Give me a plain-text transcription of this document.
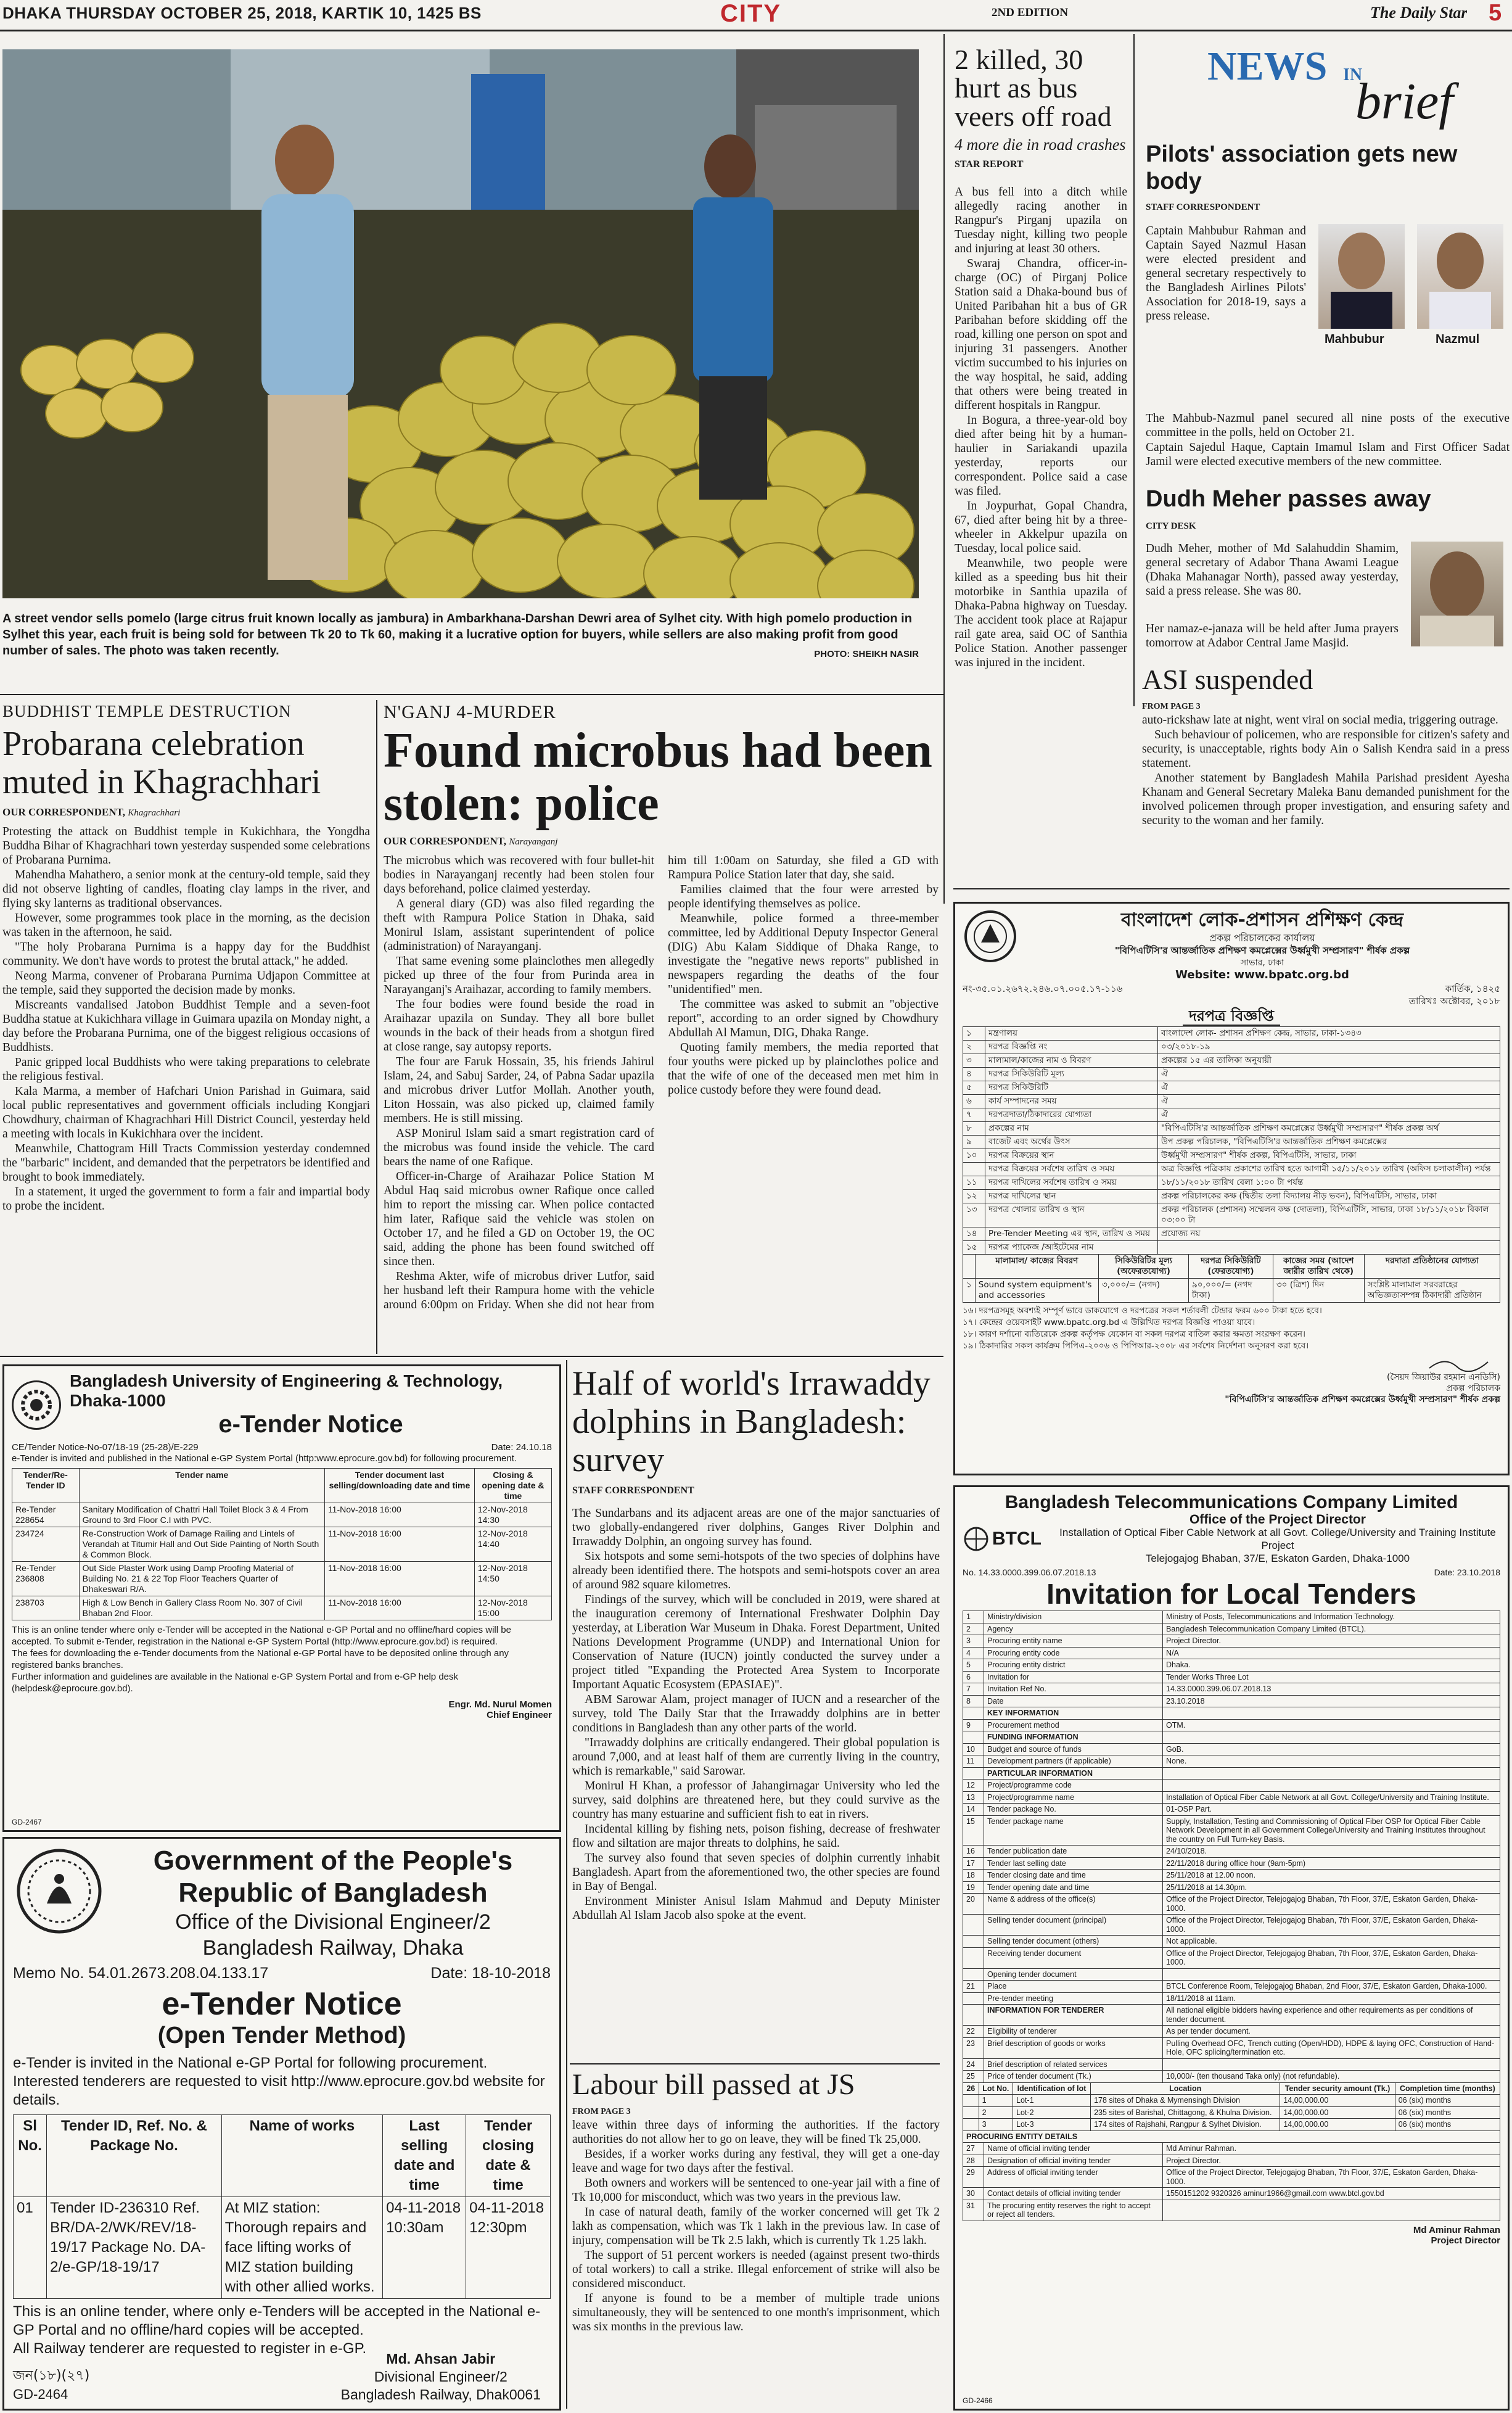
DHAKA THURSDAY OCTOBER 25, 2018, KARTIK 10, 1425 BS	CITY	2ND EDITION	The Daily Star 5
A street vendor sells pomelo (large citrus fruit known locally as jambura) in Ambarkhana-Darshan Dewri area of Sylhet city. With high pomelo production in Sylhet this year, each fruit is being sold for between Tk 20 to Tk 60, making it a lucrative option for buyers, while sellers are also making profit from good number of sales. The photo was taken recently.	PHOTO: SHEIKH NASIR
2 killed, 30 hurt as bus veers off road
4 more die in road crashes
STAR REPORT
A bus fell into a ditch while allegedly racing another in Rangpur's Pirganj upazila on Tuesday night, killing two people and injuring at least 30 others.
Swaraj Chandra, officer-in-charge (OC) of Pirganj Police Station said a Dhaka-bound bus of United Paribahan hit a bus of GR Paribahan before skidding off the road, killing one person on spot and injuring 31 passengers. Another victim succumbed to his injuries on the way hospital, he said, adding that others were being treated in different hospitals in Rangpur.
In Bogura, a three-year-old boy died after being hit by a human-haulier in Sariakandi upazila yesterday, reports our correspondent. Police said a case was filed.
In Joypurhat, Gopal Chandra, 67, died after being hit by a three-wheeler in Akkelpur upazila on Tuesday, local police said.
Meanwhile, two people were killed as a speeding bus hit their motorbike in Santhia upazila of Dhaka-Pabna highway on Tuesday. The accident took place at Rajapur rail gate area, said OC of Santhia Police Station. Another passenger was injured in the incident.
NEWS IN
brief
Pilots' association gets new body
STAFF CORRESPONDENT
Captain Mahbubur Rahman and Captain Sayed Nazmul Hasan were elected president and general secretary respectively to the Bangladesh Airlines Pilots' Association for 2018-19, says a press release.
Mahbubur	Nazmul
The Mahbub-Nazmul panel secured all nine posts of the executive committee in the polls, held on October 21.
Captain Sajedul Haque, Captain Imamul Islam and First Officer Sadat Jamil were elected executive members of the new committee.
Dudh Meher passes away
CITY DESK
Dudh Meher, mother of Md Salahuddin Shamim, general secretary of Adabor Thana Awami League (Dhaka Mahanagar North), passed away yesterday, said a press release. She was 80.
Her namaz-e-janaza will be held after Juma prayers tomorrow at Adabor Central Jame Masjid.
ASI suspended
FROM PAGE 3
auto-rickshaw late at night, went viral on social media, triggering outrage.
Such behaviour of policemen, who are responsible for citizen's safety and security, is unacceptable, rights body Ain o Salish Kendra said in a press statement.
Another statement by Bangladesh Mahila Parishad president Ayesha Khanam and General Secretary Maleka Banu demanded punishment for the involved policemen through proper investigation, and ensuring safety and security to the woman and her family.
BUDDHIST TEMPLE DESTRUCTION
Probarana celebration muted in Khagrachhari
OUR CORRESPONDENT, Khagrachhari
Protesting the attack on Buddhist temple in Kukichhara, the Yongdha Buddha Bihar of Khagrachhari town yesterday suspended some celebrations of Probarana Purnima.
Mahendha Mahathero, a senior monk at the century-old temple, said they did not observe lighting of candles, floating clay lamps in the river, and flying sky lanterns as traditional observances.
However, some programmes took place in the morning, as the decision was taken in the afternoon, he said.
"The holy Probarana Purnima is a happy day for the Buddhist community. We don't have words to protest the brutal attack," he added.
Neong Marma, convener of Probarana Purnima Udjapon Committee at the temple, said they supported the decision made by monks.
Miscreants vandalised Jatobon Buddhist Temple and a seven-foot Buddha statue at Kukichhara village in Guimara upazila on Monday night, a day before the Probarana Purnima, one of the biggest religious occasions of Buddhists.
Panic gripped local Buddhists who were taking preparations to celebrate the religious festival.
Kala Marma, a member of Hafchari Union Parishad in Guimara, said local public representatives and government officials including Kongjari Chowdhury, chairman of Khagrachhari Hill District Council, yesterday held a meeting with locals in Kukichhara over the incident.
Meanwhile, Chattogram Hill Tracts Commission yesterday condemned the "barbaric" incident, and demanded that the perpetrators be identified and brought to book immediately.
In a statement, it urged the government to form a fair and impartial body to probe the incident.
N'GANJ 4-MURDER
Found microbus had been stolen: police
OUR CORRESPONDENT, Narayanganj
The microbus which was recovered with four bullet-hit bodies in Narayanganj recently had been stolen four days beforehand, police claimed yesterday.
A general diary (GD) was also filed regarding the theft with Rampura Police Station in Dhaka, said Monirul Islam, assistant superintendent of police (administration) of Narayanganj.
That same evening some plainclothes men allegedly picked up three of the four from Purinda area in Narayanganj's Araihazar, according to family members.
The four bodies were found beside the road in Araihazar upazila on Sunday. They all bore bullet wounds in the back of their heads from a shotgun fired at close range, say autopsy reports.
The four are Faruk Hossain, 35, his friends Jahirul Islam, 24, and Sabuj Sarder, 24, of Pabna Sadar upazila and microbus driver Lutfor Mollah. Another youth, Liton Hossain, was also picked up, claimed family members. He is still missing.
ASP Monirul Islam said a smart registration card of the microbus was found inside the vehicle. The card bears the name of one Rafique.
Officer-in-Charge of Araihazar Police Station M Abdul Haq said microbus owner Rafique once called him to report the missing car. When police contacted him later, Rafique said the vehicle was stolen on October 17, and he filed a GD on October 19, the OC said, adding the phone has been found switched off since then.
Reshma Akter, wife of microbus driver Lutfor, said her husband left their Rampura home with the vehicle around 6:00pm on Friday. When she did not hear from him till 1:00am on Saturday, she filed a GD with Rampura Police Station later that day, she said.
Families claimed that the four were arrested by people identifying themselves as police.
Meanwhile, police formed a three-member committee, led by Additional Deputy Inspector General (DIG) Abu Kalam Siddique of Dhaka Range, to investigate the "negative news reports" published in newspapers regarding the deaths of the four "unidentified" men.
The committee was asked to submit an "objective report", according to an order signed by Chowdhury Abdullah Al Mamun, DIG, Dhaka Range.
Quoting family members, the media reported that four youths were picked up by plainclothes police and that the wife of one of the deceased men met him in police custody before they were found dead.
Bangladesh University of Engineering & Technology, Dhaka-1000
e-Tender Notice
CE/Tender Notice-No-07/18-19 (25-28)/E-229	Date: 24.10.18
e-Tender is invited and published in the National e-GP System Portal (http:www.eprocure.gov.bd) for following procurement.
Tender/Re-Tender ID	Tender name	Tender document last selling/downloading date and time	Closing & opening date & time
Re-Tender 228654	Sanitary Modification of Chattri Hall Toilet Block 3 & 4 From Ground to 3rd Floor C.I with PVC.	11-Nov-2018 16:00	12-Nov-2018 14:30
234724	Re-Construction Work of Damage Railing and Lintels of Verandah at Titumir Hall and Out Side Painting of North South & Common Block.	11-Nov-2018 16:00	12-Nov-2018 14:40
Re-Tender 236808	Out Side Plaster Work using Damp Proofing Material of Building No. 21 & 22 Top Floor Teachers Quarter of Dhakeswari R/A.	11-Nov-2018 16:00	12-Nov-2018 14:50
238703	High & Low Bench in Gallery Class Room No. 307 of Civil Bhaban 2nd Floor.	11-Nov-2018 16:00	12-Nov-2018 15:00
This is an online tender where only e-Tender will be accepted in the National e-GP Portal and no offline/hard copies will be accepted. To submit e-Tender, registration in the National e-GP System Portal (http://www.eprocure.gov.bd) is required.
The fees for downloading the e-Tender documents from the National e-GP Portal have to be deposited online through any registered banks branches.
Further information and guidelines are available in the National e-GP System Portal and from e-GP help desk (helpdesk@eprocure.gov.bd).
Engr. Md. Nurul Momen
Chief Engineer
GD-2467
Government of the People's
Republic of Bangladesh
Office of the Divisional Engineer/2
Bangladesh Railway, Dhaka
Memo No. 54.01.2673.208.04.133.17	Date: 18-10-2018
e-Tender Notice
(Open Tender Method)
e-Tender is invited in the National e-GP Portal for following procurement. Interested tenderers are requested to visit http://www.eprocure.gov.bd website for details.
Sl No.	Tender ID, Ref. No. & Package No.	Name of works	Last selling date and time	Tender closing date & time
01	Tender ID-236310 Ref. BR/DA-2/WK/REV/18-19/17 Package No. DA-2/e-GP/18-19/17	At MIZ station: Thorough repairs and face lifting works of MIZ station building with other allied works.	04-11-2018 10:30am	04-11-2018 12:30pm
This is an online tender, where only e-Tenders will be accepted in the National e-GP Portal and no offline/hard copies will be accepted.
All Railway tenderer are requested to register in e-GP.
Md. Ahsan Jabir
Divisional Engineer/2
Bangladesh Railway, Dhak0061
জন(১৮)(২৭)
GD-2464
Half of world's Irrawaddy dolphins in Bangladesh: survey
STAFF CORRESPONDENT
The Sundarbans and its adjacent areas are one of the major sanctuaries of two globally-endangered river dolphins, Ganges River Dolphin and Irrawaddy Dolphin, an ongoing survey has found.
Six hotspots and some semi-hotspots of the two species of dolphins have already been identified there. The hotspots and semi-hotspots cover an area of around 982 square kilometres.
Findings of the survey, which will be concluded in 2019, were shared at the inauguration ceremony of International Freshwater Dolphin Day yesterday, at Liberation War Museum in Dhaka. Forest Department, United Nations Development Programme (UNDP) and International Union for Conservation of Nature (IUCN) jointly conducted the survey under a project titled "Expanding the Protected Area System to Incorporate Important Aquatic Ecosystem (EPASIAE)".
ABM Sarowar Alam, project manager of IUCN and a researcher of the survey, told The Daily Star that the Irrawaddy dolphins are in better conditions in Bangladesh than any other parts of the world.
"Irrawaddy dolphins are critically endangered. Their global population is around 7,000, and at least half of them are currently living in the country, which is remarkable," said Sarowar.
Monirul H Khan, a professor of Jahangirnagar University who led the survey, said dolphins are threatened here, but they could survive as the country has many estuarine and sufficient fish to eat in rivers.
Incidental killing by fishing nets, poison fishing, decrease of freshwater flow and siltation are major threats to dolphins, he said.
The survey also found that seven species of dolphin currently inhabit Bangladesh. Apart from the aforementioned two, the other species are found in Bay of Bengal.
Environment Minister Anisul Islam Mahmud and Deputy Minister Abdullah Al Islam Jacob also spoke at the event.
Labour bill passed at JS
FROM PAGE 3
leave within three days of informing the authorities. If the factory authorities do not allow her to go on leave, they will be fined Tk 25,000.
Besides, if a worker works during any festival, they will get a one-day leave and wage for two days after the festival.
Both owners and workers will be sentenced to one-year jail with a fine of Tk 10,000 for misconduct, which was two years in the previous law.
In case of natural death, family of the worker concerned will get Tk 2 lakh as compensation, which was Tk 1 lakh in the previous law. In case of injury, compensation will be Tk 2.5 lakh, which is currently Tk 1.25 lakh.
The support of 51 percent workers is needed (against present two-thirds of total workers) to call a strike. Illegal enforcement of strike will also be considered misconduct.
If anyone is found to be a member of multiple trade unions simultaneously, they will be sentenced to one month's imprisonment, which was six months in the previous law.
বাংলাদেশ লোক-প্রশাসন প্রশিক্ষণ কেন্দ্র
প্রকল্প পরিচালকের কার্যালয়
"বিপিএটিসি'র আন্তর্জাতিক প্রশিক্ষণ কমপ্লেক্সের উর্ধ্বমুখী সম্প্রসারণ" শীর্ষক প্রকল্প
সাভার, ঢাকা
Website: www.bpatc.org.bd
নং-৩৫.০১.২৬৭২.২৪৬.০৭.০০৫.১৭-১১৬	কার্তিক, ১৪২৫
তারিখঃ অক্টোবর, ২০১৮
দরপত্র বিজ্ঞপ্তি
১	মন্ত্রণালয়	বাংলাদেশ লোক- প্রশাসন প্রশিক্ষণ কেন্দ্র, সাভার, ঢাকা-১৩৪৩
২	দরপত্র বিজ্ঞপ্তি নং	০৩/২০১৮-১৯
৩	মালামাল/কাজের নাম ও বিবরণ	প্রকল্পের ১৫ এর তালিকা অনুযায়ী
৪	দরপত্র সিকিউরিটি মূল্য	ঐ
৫	দরপত্র সিকিউরিটি	ঐ
৬	কার্য সম্পাদনের সময়	ঐ
৭	দরপত্রদাতা/ঠিকাদারের যোগ্যতা	ঐ
৮	প্রকল্পের নাম	"বিপিএটিসি'র আন্তর্জাতিক প্রশিক্ষণ কমপ্লেক্সের উর্ধ্বমুখী সম্প্রসারণ" শীর্ষক প্রকল্প অর্থ
৯	বাজেট এবং অর্থের উৎস	উপ প্রকল্প পরিচালক, "বিপিএটিসি'র আন্তর্জাতিক প্রশিক্ষণ কমপ্লেক্সের
১০	দরপত্র বিক্রয়ের স্থান	উর্ধ্বমুখী সম্প্রসারণ" শীর্ষক প্রকল্প, বিপিএটিসি, সাভার, ঢাকা
	দরপত্র বিক্রয়ের সর্বশেষ তারিখ ও সময়	অত্র বিজ্ঞপ্তি পত্রিকায় প্রকাশের তারিখ হতে আগামী ১৫/১১/২০১৮ তারিখ (অফিস চলাকালীন) পর্যন্ত
১১	দরপত্র দাখিলের সর্বশেষ তারিখ ও সময়	১৮/১১/২০১৮ তারিখ বেলা ১:০০ টা পর্যন্ত
১২	দরপত্র দাখিলের স্থান	প্রকল্প পরিচালকের কক্ষ (দ্বিতীয় তলা বিদ্যালয় নীড় ভবন), বিপিএটিসি, সাভার, ঢাকা
১৩	দরপত্র খোলার তারিখ ও স্থান	প্রকল্প পরিচালক (প্রশাসন) সম্মেলন কক্ষ (দোতলা), বিপিএটিসি, সাভার, ঢাকা ১৮/১১/২০১৮ বিকাল ০৩:০০ টা
১৪	Pre-Tender Meeting এর স্থান, তারিখ ও সময়	প্রযোজ্য নয়
১৫	দরপত্র প্যাকেজ /আইটেমের নাম	
	মালামাল/ কাজের বিবরণ	সিকিউরিটির মূল্য (অফেরতযোগ্য)	দরপত্র সিকিউরিটি (ফেরতযোগ্য)	কাজের সময় (আদেশ জারীর তারিখ থেকে)	দরদাতা প্রতিষ্ঠানের যোগ্যতা
১	Sound system equipment's and accessories	৩,০০০/= (নগদ)	৯০,০০০/= (নগদ টাকা)	৩০ (ত্রিশ) দিন	সংশ্লিষ্ট মালামাল সরবরাহের অভিজ্ঞতাসম্পন্ন ঠিকাদারী প্রতিষ্ঠান
১৬। দরপত্রসমূহ অবশ্যই সম্পূর্ণ ভাবে ডাকযোগে ও দরপত্রের সকল শর্তাবলী টেন্ডার ফরম ৬০০ টাকা হতে হবে।
১৭। কেন্দ্রের ওয়েবসাইট www.bpatc.org.bd এ উল্লিখিত দরপত্র বিজ্ঞপ্তি পাওয়া যাবে।
১৮। কারণ দর্শানো ব্যতিরেকে প্রকল্প কর্তৃপক্ষ যেকোন বা সকল দরপত্র বাতিল করার ক্ষমতা সংরক্ষণ করেন।
১৯। ঠিকাদারির সকল কার্যক্রম পিপিএ-২০০৬ ও পিপিআর-২০০৮ এর সর্বশেষ নির্দেশনা অনুসরণ করা হবে।
(সৈয়দ জিয়াউর রহমান এনডিসি)
প্রকল্প পরিচালক
"বিপিএটিসি'র আন্তর্জাতিক প্রশিক্ষণ কমপ্লেক্সের উর্ধ্বমুখী সম্প্রসারণ" শীর্ষক প্রকল্প
Bangladesh Telecommunications Company Limited
BTCL
Office of the Project Director
Installation of Optical Fiber Cable Network at all Govt. College/University and Training Institute Project
Telejogajog Bhaban, 37/E, Eskaton Garden, Dhaka-1000
No. 14.33.0000.399.06.07.2018.13	Date: 23.10.2018
Invitation for Local Tenders
1	Ministry/division	Ministry of Posts, Telecommunications and Information Technology.
2	Agency	Bangladesh Telecommunication Company Limited (BTCL).
3	Procuring entity name	Project Director.
4	Procuring entity code	N/A
5	Procuring entity district	Dhaka.
6	Invitation for	Tender Works Three Lot
7	Invitation Ref No.	14.33.0000.399.06.07.2018.13
8	Date	23.10.2018
	KEY INFORMATION	
9	Procurement method	OTM.
	FUNDING INFORMATION	
10	Budget and source of funds	GoB.
11	Development partners (if applicable)	None.
	PARTICULAR INFORMATION	
12	Project/programme code	
13	Project/programme name	Installation of Optical Fiber Cable Network at all Govt. College/University and Training Institute.
14	Tender package No.	01-OSP Part.
15	Tender package name	Supply, Installation, Testing and Commissioning of Optical Fiber OSP for Optical Fiber Cable Network Development in all Government College/University and Training Institutes throughout the country on Full Turn-key Basis.
16	Tender publication date	24/10/2018.
17	Tender last selling date	22/11/2018 during office hour (9am-5pm)
18	Tender closing date and time	25/11/2018 at 12.00 noon.
19	Tender opening date and time	25/11/2018 at 14.30pm.
20	Name & address of the office(s)	Office of the Project Director, Telejogajog Bhaban, 7th Floor, 37/E, Eskaton Garden, Dhaka-1000.
	Selling tender document (principal)	Office of the Project Director, Telejogajog Bhaban, 7th Floor, 37/E, Eskaton Garden, Dhaka-1000.
	Selling tender document (others)	Not applicable.
	Receiving tender document	Office of the Project Director, Telejogajog Bhaban, 7th Floor, 37/E, Eskaton Garden, Dhaka-1000.
	Opening tender document	
21	Place	BTCL Conference Room, Telejogajog Bhaban, 2nd Floor, 37/E, Eskaton Garden, Dhaka-1000.
	Pre-tender meeting	18/11/2018 at 11am.
	INFORMATION FOR TENDERER	All national eligible bidders having experience and other requirements as per conditions of tender document.
22	Eligibility of tenderer	As per tender document.
23	Brief description of goods or works	Pulling Overhead OFC, Trench cutting (Open/HDD), HDPE & laying OFC, Construction of Hand-Hole, OFC splicing/termination etc.
24	Brief description of related services	
25	Price of tender document (Tk.)	10,000/- (ten thousand Taka only) (not refundable).
26	Lot No.	Identification of lot	Location	Tender security amount (Tk.)	Completion time (months)
	1	Lot-1	178 sites of Dhaka & Mymensingh Division	14,00,000.00	06 (six) months
	2	Lot-2	235 sites of Barishal, Chittagong, & Khulna Division.	14,00,000.00	06 (six) months
	3	Lot-3	174 sites of Rajshahi, Rangpur & Sylhet Division.	14,00,000.00	06 (six) months
PROCURING ENTITY DETAILS		
27	Name of official inviting tender	Md Aminur Rahman.
28	Designation of official inviting tender	Project Director.
29	Address of official inviting tender	Office of the Project Director, Telejogajog Bhaban, 7th Floor, 37/E, Eskaton Garden, Dhaka-1000.
30	Contact details of official inviting tender	1550151202 9320326 aminur1966@gmail.com www.btcl.gov.bd
31	The procuring entity reserves the right to accept or reject all tenders.	
Md Aminur Rahman
Project Director
GD-2466
